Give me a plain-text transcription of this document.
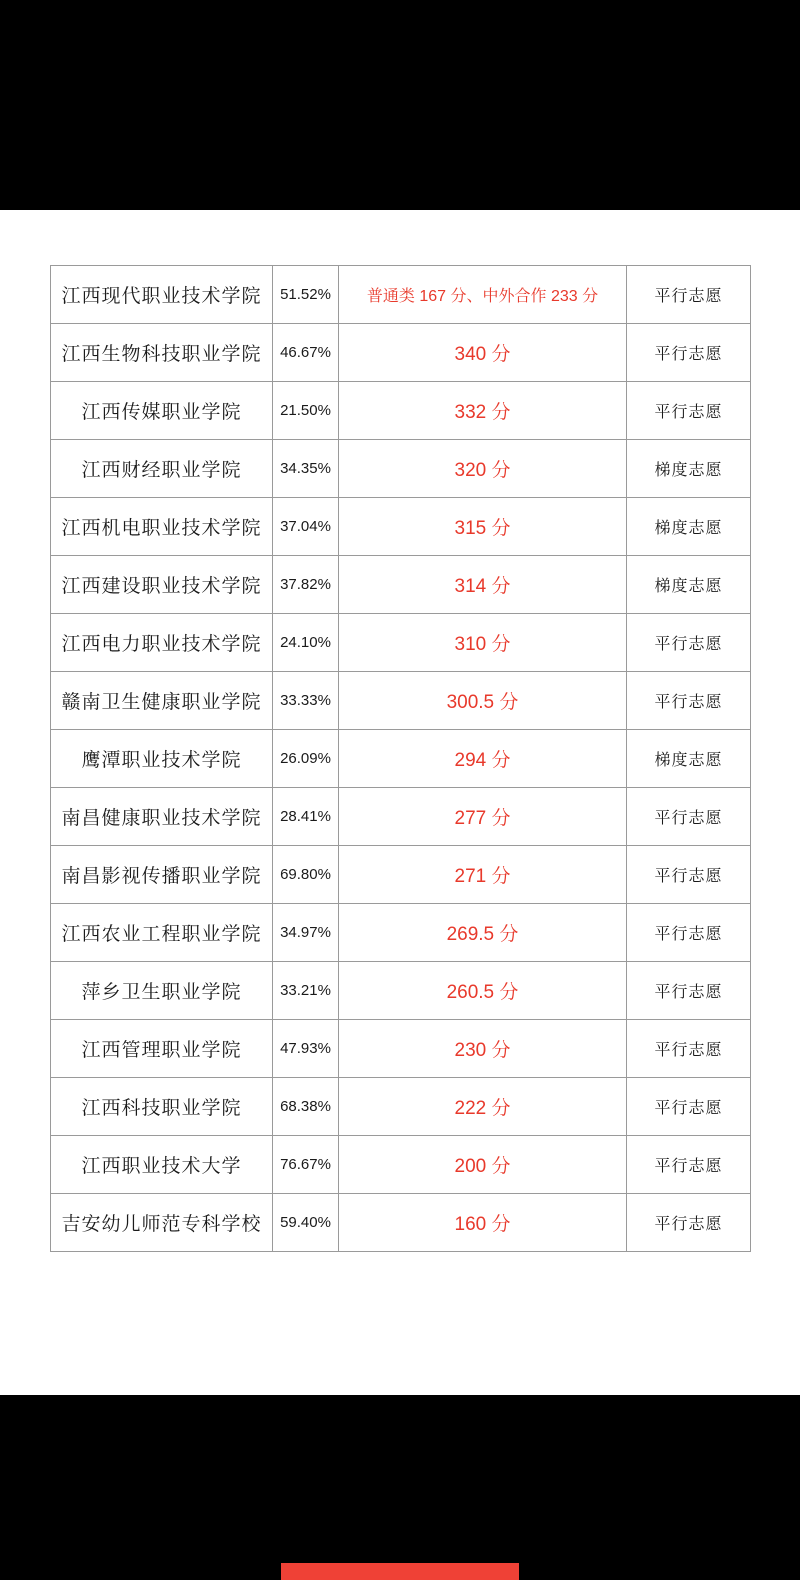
江西现代职业技术学院	51.52%	普通类 167 分、中外合作 233 分	平行志愿
江西生物科技职业学院	46.67%	340 分	平行志愿
江西传媒职业学院	21.50%	332 分	平行志愿
江西财经职业学院	34.35%	320 分	梯度志愿
江西机电职业技术学院	37.04%	315 分	梯度志愿
江西建设职业技术学院	37.82%	314 分	梯度志愿
江西电力职业技术学院	24.10%	310 分	平行志愿
赣南卫生健康职业学院	33.33%	300.5 分	平行志愿
鹰潭职业技术学院	26.09%	294 分	梯度志愿
南昌健康职业技术学院	28.41%	277 分	平行志愿
南昌影视传播职业学院	69.80%	271 分	平行志愿
江西农业工程职业学院	34.97%	269.5 分	平行志愿
萍乡卫生职业学院	33.21%	260.5 分	平行志愿
江西管理职业学院	47.93%	230 分	平行志愿
江西科技职业学院	68.38%	222 分	平行志愿
江西职业技术大学	76.67%	200 分	平行志愿
吉安幼儿师范专科学校	59.40%	160 分	平行志愿
